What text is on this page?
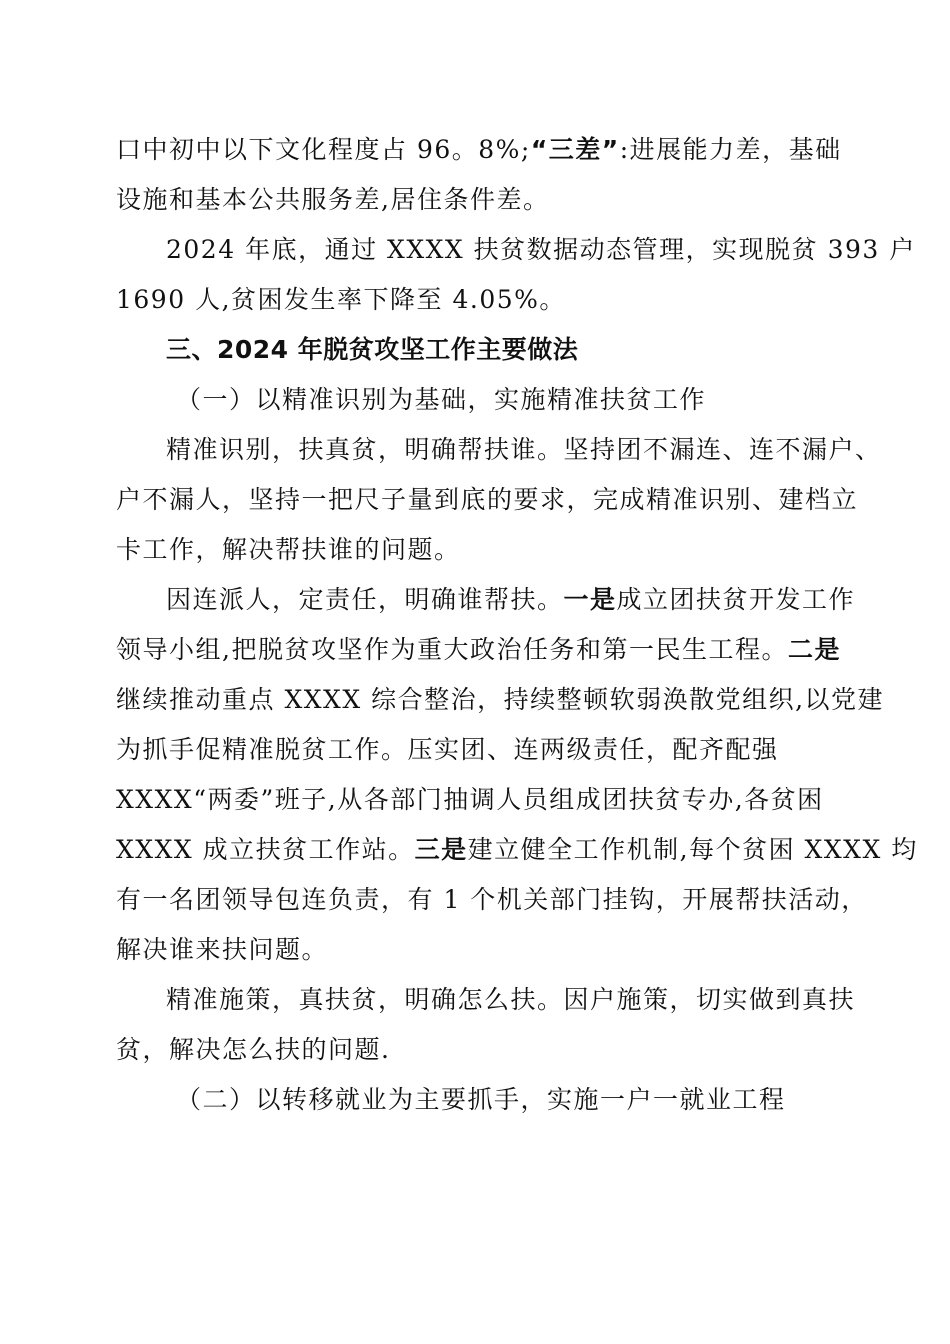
口中初中以下文化程度占 96。8%;“三差”:进展能力差，基础
设施和基本公共服务差,居住条件差。
2024 年底，通过 XXXX 扶贫数据动态管理，实现脱贫 393 户
1690 人,贫困发生率下降至 4.05%。
三、2024 年脱贫攻坚工作主要做法
（一）以精准识别为基础，实施精准扶贫工作
精准识别，扶真贫，明确帮扶谁。坚持团不漏连、连不漏户、
户不漏人，坚持一把尺子量到底的要求，完成精准识别、建档立
卡工作，解决帮扶谁的问题。
因连派人，定责任，明确谁帮扶。一是成立团扶贫开发工作
领导小组,把脱贫攻坚作为重大政治任务和第一民生工程。二是
继续推动重点 XXXX 综合整治，持续整顿软弱涣散党组织,以党建
为抓手促精准脱贫工作。压实团、连两级责任，配齐配强
XXXX“两委”班子,从各部门抽调人员组成团扶贫专办,各贫困
XXXX 成立扶贫工作站。三是建立健全工作机制,每个贫困 XXXX 均
有一名团领导包连负责，有 1 个机关部门挂钩，开展帮扶活动，
解决谁来扶问题。
精准施策，真扶贫，明确怎么扶。因户施策，切实做到真扶
贫，解决怎么扶的问题.
（二）以转移就业为主要抓手，实施一户一就业工程
